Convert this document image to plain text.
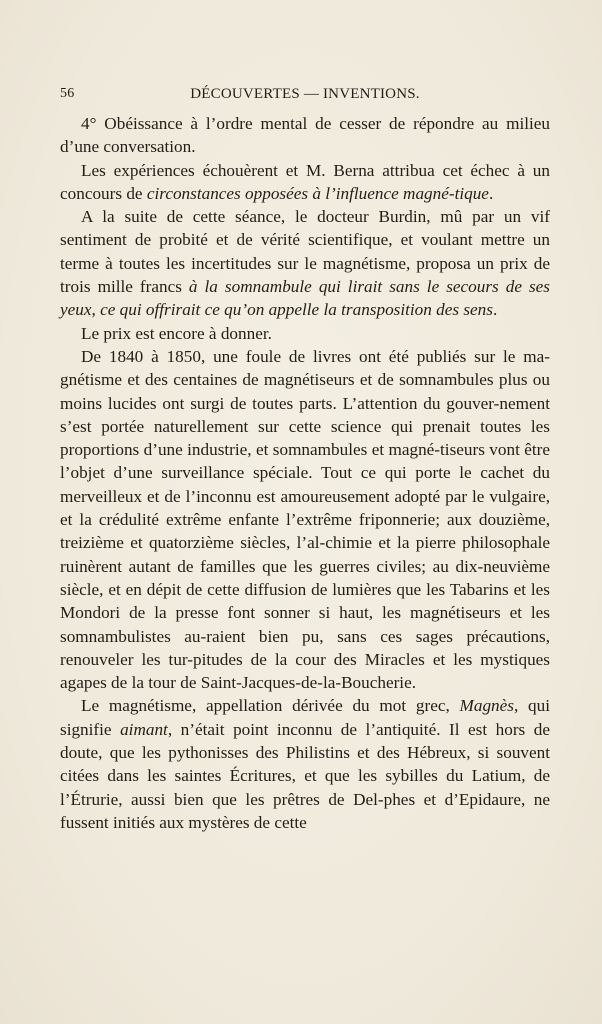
56	DÉCOUVERTES — INVENTIONS.

4° Obéissance à l’ordre mental de cesser de répondre au milieu d’une conversation.

Les expériences échouèrent et M. Berna attribua cet échec à un concours de circonstances opposées à l’influence magné-tique.

A la suite de cette séance, le docteur Burdin, mû par un vif sentiment de probité et de vérité scientifique, et voulant mettre un terme à toutes les incertitudes sur le magnétisme, proposa un prix de trois mille francs à la somnambule qui lirait sans le secours de ses yeux, ce qui offrirait ce qu’on appelle la transposition des sens.

Le prix est encore à donner.

De 1840 à 1850, une foule de livres ont été publiés sur le ma-gnétisme et des centaines de magnétiseurs et de somnambules plus ou moins lucides ont surgi de toutes parts. L’attention du gouver-nement s’est portée naturellement sur cette science qui prenait toutes les proportions d’une industrie, et somnambules et magné-tiseurs vont être l’objet d’une surveillance spéciale. Tout ce qui porte le cachet du merveilleux et de l’inconnu est amoureusement adopté par le vulgaire, et la crédulité extrême enfante l’extrême friponnerie; aux douzième, treizième et quatorzième siècles, l’al-chimie et la pierre philosophale ruinèrent autant de familles que les guerres civiles; au dix-neuvième siècle, et en dépit de cette diffusion de lumières que les Tabarins et les Mondori de la presse font sonner si haut, les magnétiseurs et les somnambulistes au-raient bien pu, sans ces sages précautions, renouveler les tur-pitudes de la cour des Miracles et les mystiques agapes de la tour de Saint-Jacques-de-la-Boucherie.

Le magnétisme, appellation dérivée du mot grec, Magnès, qui signifie aimant, n’était point inconnu de l’antiquité. Il est hors de doute, que les pythonisses des Philistins et des Hébreux, si souvent citées dans les saintes Écritures, et que les sybilles du Latium, de l’Étrurie, aussi bien que les prêtres de Del-phes et d’Epidaure, ne fussent initiés aux mystères de cette
